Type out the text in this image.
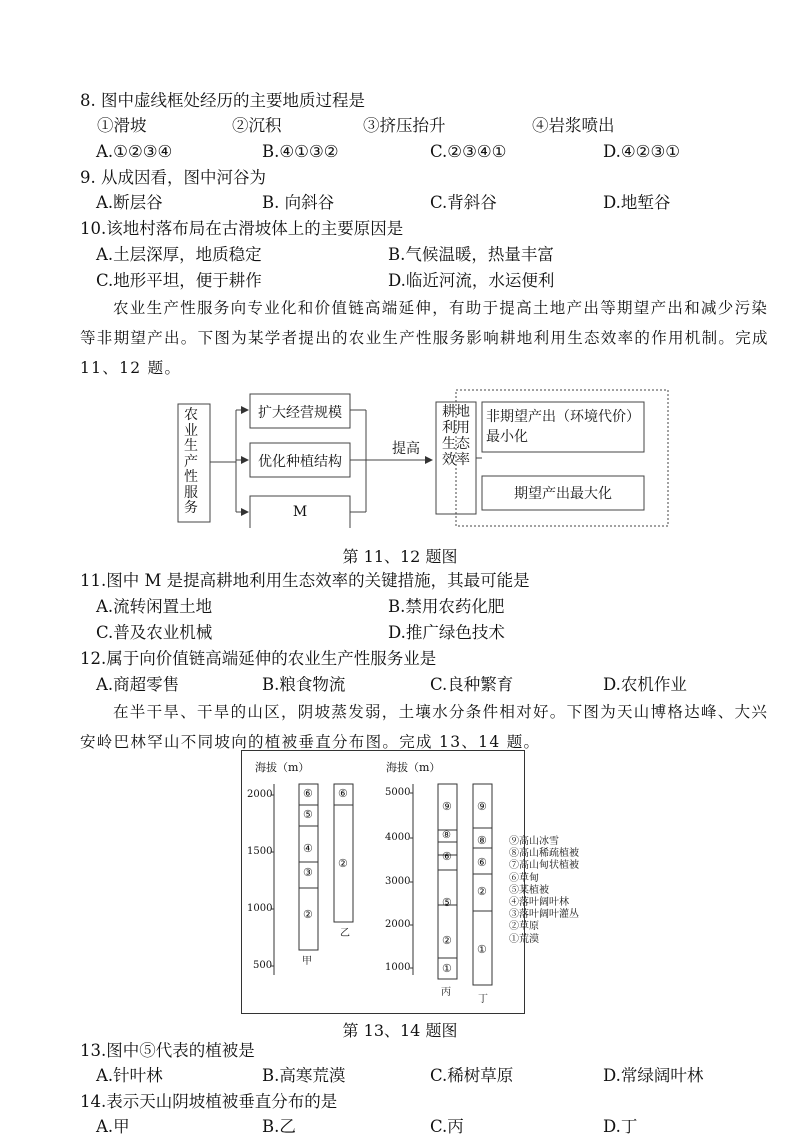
8. 图中虚线框处经历的主要地质过程是
①滑坡	②沉积	③挤压抬升	④岩浆喷出
A.①②③④	B.④①③②	C.②③④①	D.④②③①
9. 从成因看，图中河谷为
A.断层谷	B. 向斜谷	C.背斜谷	D.地堑谷
10.该地村落布局在古滑坡体上的主要原因是
A.土层深厚，地质稳定	B.气候温暖，热量丰富
C.地形平坦，便于耕作	D.临近河流，水运便利
农业生产性服务向专业化和价值链高端延伸，有助于提高土地产出等期望产出和减少污染等非期望产出。下图为某学者提出的农业生产性服务影响耕地利用生态效率的作用机制。完成 11、12 题。
农业生产性服务
扩大经营规模
优化种植结构
M
提高
耕地利用生态效率
非期望产出（环境代价）最小化
期望产出最大化
第 11、12 题图
11.图中 M 是提高耕地利用生态效率的关键措施，其最可能是
A.流转闲置土地	B.禁用农药化肥
C.普及农业机械	D.推广绿色技术
12.属于向价值链高端延伸的农业生产性服务业是
A.商超零售	B.粮食物流	C.良种繁育	D.农机作业
在半干旱、干旱的山区，阴坡蒸发弱，土壤水分条件相对好。下图为天山博格达峰、大兴安岭巴林罕山不同坡向的植被垂直分布图。完成 13、14 题。
海拔（m）
2000
1500
1000
500
⑥
⑤
④
③
②
甲
⑥
②
乙
海拔（m）
5000
4000
3000
2000
1000
⑨
⑧
⑥
⑤
②
①
丙
⑨
⑧
⑥
②
①
丁
⑨高山冰雪
⑧高山稀疏植被
⑦高山甸状植被
⑥草甸
⑤某植被
④落叶阔叶林
③落叶阔叶灌丛
②草原
①荒漠
第 13、14 题图
13.图中⑤代表的植被是
A.针叶林	B.高寒荒漠	C.稀树草原	D.常绿阔叶林
14.表示天山阴坡植被垂直分布的是
A.甲	B.乙	C.丙	D.丁
